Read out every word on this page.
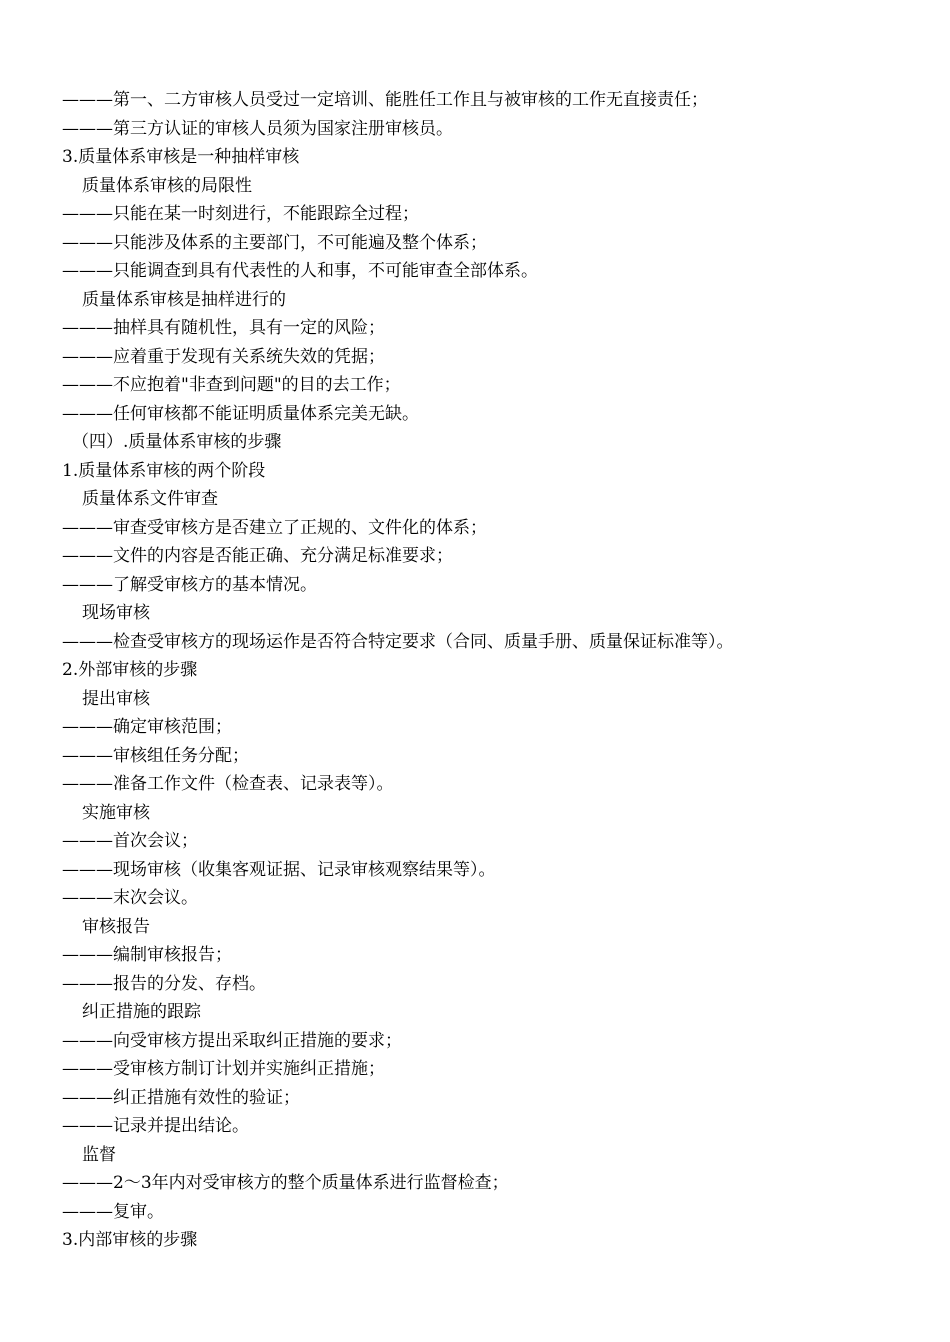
———第一、二方审核人员受过一定培训、能胜任工作且与被审核的工作无直接责任；
———第三方认证的审核人员须为国家注册审核员。
3.质量体系审核是一种抽样审核
质量体系审核的局限性
———只能在某一时刻进行，不能跟踪全过程；
———只能涉及体系的主要部门，不可能遍及整个体系；
———只能调查到具有代表性的人和事，不可能审查全部体系。
质量体系审核是抽样进行的
———抽样具有随机性，具有一定的风险；
———应着重于发现有关系统失效的凭据；
———不应抱着"非查到问题"的目的去工作；
———任何审核都不能证明质量体系完美无缺。
（四）.质量体系审核的步骤
1.质量体系审核的两个阶段
质量体系文件审查
———审查受审核方是否建立了正规的、文件化的体系；
———文件的内容是否能正确、充分满足标准要求；
———了解受审核方的基本情况。
现场审核
———检查受审核方的现场运作是否符合特定要求（合同、质量手册、质量保证标准等）。
2.外部审核的步骤
提出审核
———确定审核范围；
———审核组任务分配；
———准备工作文件（检查表、记录表等）。
实施审核
———首次会议；
———现场审核（收集客观证据、记录审核观察结果等）。
———末次会议。
审核报告
———编制审核报告；
———报告的分发、存档。
纠正措施的跟踪
———向受审核方提出采取纠正措施的要求；
———受审核方制订计划并实施纠正措施；
———纠正措施有效性的验证；
———记录并提出结论。
监督
———2～3年内对受审核方的整个质量体系进行监督检查；
———复审。
3.内部审核的步骤
